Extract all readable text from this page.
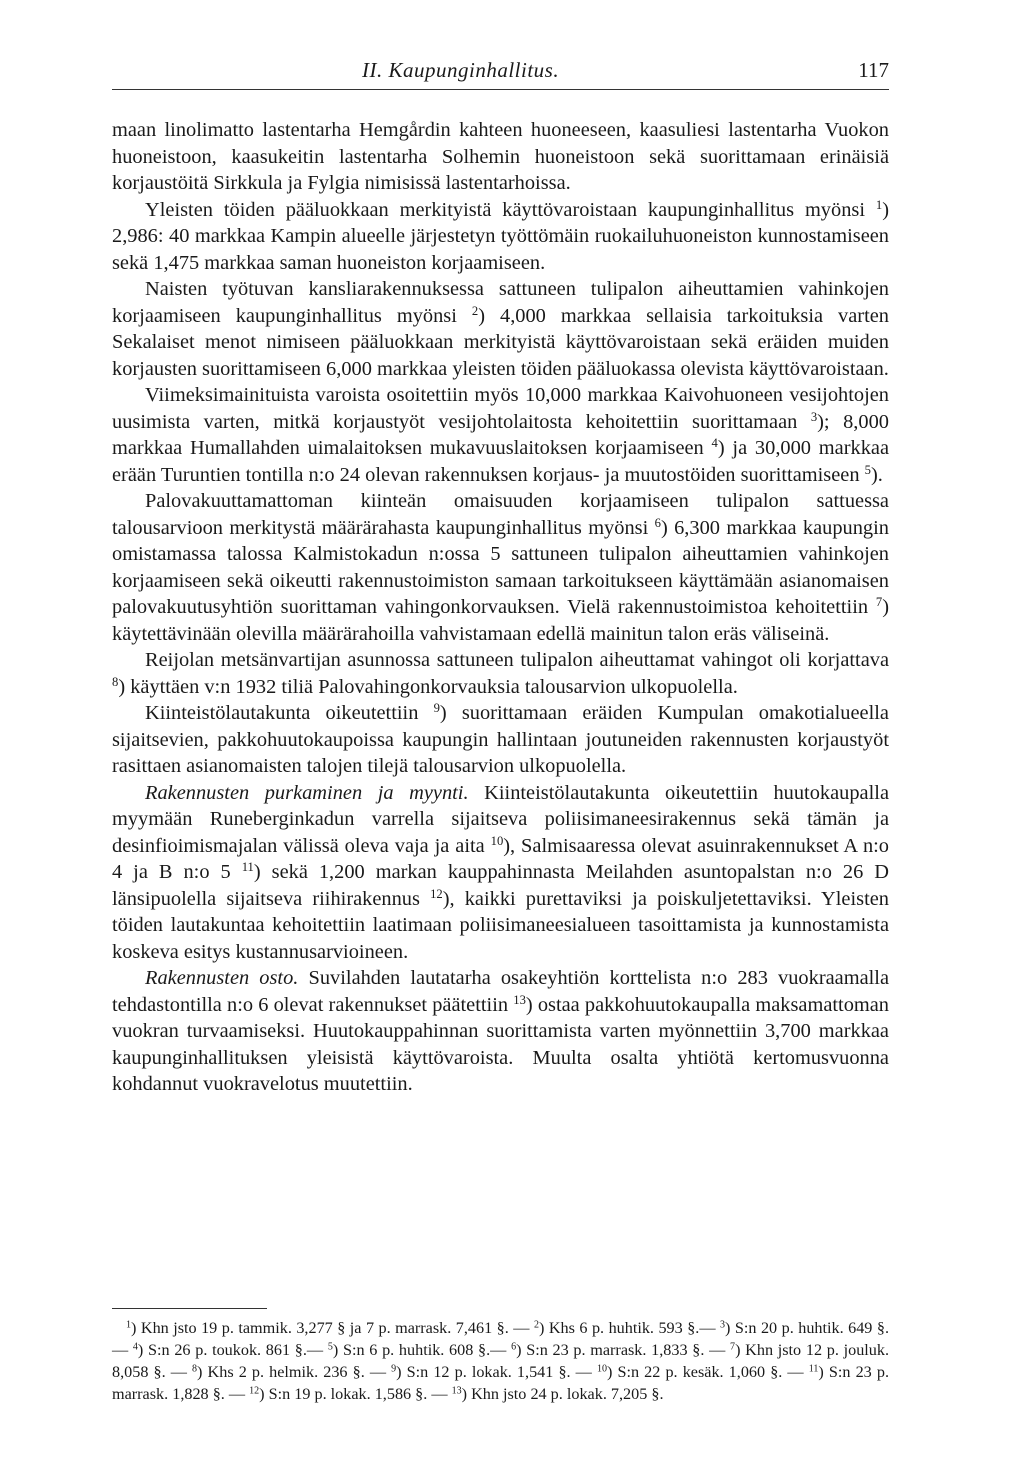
II. Kaupunginhallitus.	117

maan linolimatto lastentarha Hemgårdin kahteen huoneeseen, kaasuliesi lastentarha Vuokon huoneistoon, kaasukeitin lastentarha Solhemin huoneistoon sekä suorittamaan erinäisiä korjaustöitä Sirkkula ja Fylgia nimisissä lastentarhoissa.

Yleisten töiden pääluokkaan merkityistä käyttövaroistaan kaupunginhallitus myönsi $^1$) 2,986: 40 markkaa Kampin alueelle järjestetyn työttömäin ruokailuhuoneiston kunnostamiseen sekä 1,475 markkaa saman huoneiston korjaamiseen.

Naisten työtuvan kansliarakennuksessa sattuneen tulipalon aiheuttamien vahinkojen korjaamiseen kaupunginhallitus myönsi $^2$) 4,000 markkaa sellaisia tarkoituksia varten Sekalaiset menot nimiseen pääluokkaan merkityistä käyttövaroistaan sekä eräiden muiden korjausten suorittamiseen 6,000 markkaa yleisten töiden pääluokassa olevista käyttövaroistaan.

Viimeksimainituista varoista osoitettiin myös 10,000 markkaa Kaivohuoneen vesijohtojen uusimista varten, mitkä korjaustyöt vesijohtolaitosta kehoitettiin suorittamaan $^3$); 8,000 markkaa Humallahden uimalaitoksen mukavuuslaitoksen korjaamiseen $^4$) ja 30,000 markkaa erään Turuntien tontilla n:o 24 olevan rakennuksen korjaus- ja muutostöiden suorittamiseen $^5$).

Palovakuuttamattoman kiinteän omaisuuden korjaamiseen tulipalon sattuessa talousarvioon merkitystä määrärahasta kaupunginhallitus myönsi $^6$) 6,300 markkaa kaupungin omistamassa talossa Kalmistokadun n:ossa 5 sattuneen tulipalon aiheuttamien vahinkojen korjaamiseen sekä oikeutti rakennustoimiston samaan tarkoitukseen käyttämään asianomaisen palovakuutusyhtiön suorittaman vahingonkorvauksen. Vielä rakennustoimistoa kehoitettiin $^7$) käytettävinään olevilla määrärahoilla vahvistamaan edellä mainitun talon eräs väliseinä.

Reijolan metsänvartijan asunnossa sattuneen tulipalon aiheuttamat vahingot oli korjattava $^8$) käyttäen v:n 1932 tiliä Palovahingonkorvauksia talousarvion ulkopuolella.

Kiinteistölautakunta oikeutettiin $^9$) suorittamaan eräiden Kumpulan omakotialueella sijaitsevien, pakkohuutokaupoissa kaupungin hallintaan joutuneiden rakennusten korjaustyöt rasittaen asianomaisten talojen tilejä talousarvion ulkopuolella.

Rakennusten purkaminen ja myynti. Kiinteistölautakunta oikeutettiin huutokaupalla myymään Runeberginkadun varrella sijaitseva poliisimaneesirakennus sekä tämän ja desinfioimismajalan välissä oleva vaja ja aita $^{10}$), Salmisaaressa olevat asuinrakennukset A n:o 4 ja B n:o 5 $^{11}$) sekä 1,200 markan kauppahinnasta Meilahden asuntopalstan n:o 26 D länsipuolella sijaitseva riihirakennus $^{12}$), kaikki purettaviksi ja poiskuljetettaviksi. Yleisten töiden lautakuntaa kehoitettiin laatimaan poliisimaneesialueen tasoittamista ja kunnostamista koskeva esitys kustannusarvioineen.

Rakennusten osto. Suvilahden lautatarha osakeyhtiön korttelista n:o 283 vuokraamalla tehdastontilla n:o 6 olevat rakennukset päätettiin $^{13}$) ostaa pakkohuutokaupalla maksamattoman vuokran turvaamiseksi. Huutokauppahinnan suorittamista varten myönnettiin 3,700 markkaa kaupunginhallituksen yleisistä käyttövaroista. Muulta osalta yhtiötä kertomusvuonna kohdannut vuokravelotus muutettiin.

$^1$) Khn jsto 19 p. tammik. 3,277 § ja 7 p. marrask. 7,461 §. — $^2$) Khs 6 p. huhtik. 593 §.— $^3$) S:n 20 p. huhtik. 649 §.— $^4$) S:n 26 p. toukok. 861 §.— $^5$) S:n 6 p. huhtik. 608 §.— $^6$) S:n 23 p. marrask. 1,833 §. — $^7$) Khn jsto 12 p. jouluk. 8,058 §. — $^8$) Khs 2 p. helmik. 236 §. — $^9$) S:n 12 p. lokak. 1,541 §. — $^{10}$) S:n 22 p. kesäk. 1,060 §. — $^{11}$) S:n 23 p. marrask. 1,828 §. — $^{12}$) S:n 19 p. lokak. 1,586 §. — $^{13}$) Khn jsto 24 p. lokak. 7,205 §.
